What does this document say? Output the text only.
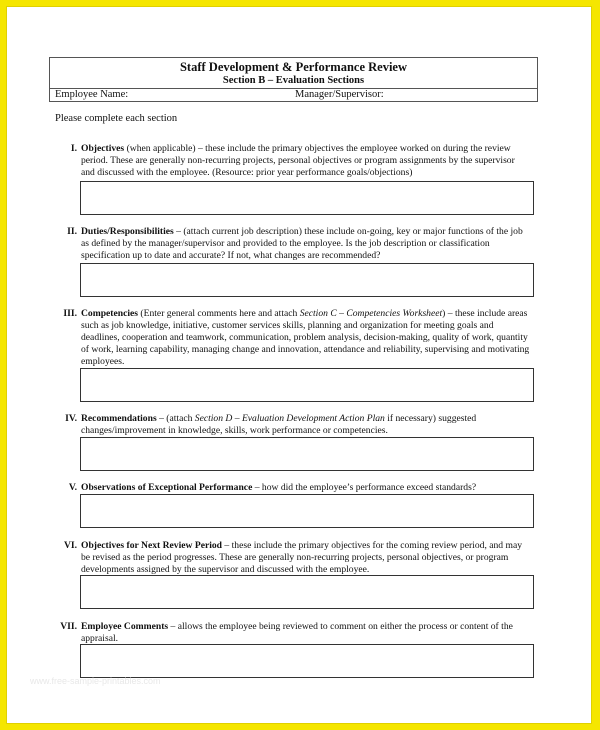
Staff Development & Performance Review
Section B – Evaluation Sections
Employee Name:	Manager/Supervisor:
Please complete each section
I. Objectives (when applicable) – these include the primary objectives the employee worked on during the review period. These are generally non-recurring projects, personal objectives or program assignments by the supervisor and discussed with the employee. (Resource: prior year performance goals/objections)
II. Duties/Responsibilities – (attach current job description) these include on-going, key or major functions of the job as defined by the manager/supervisor and provided to the employee. Is the job description or classification specification up to date and accurate? If not, what changes are recommended?
III. Competencies (Enter general comments here and attach Section C – Competencies Worksheet) – these include areas such as job knowledge, initiative, customer services skills, planning and organization for meeting goals and deadlines, cooperation and teamwork, communication, problem analysis, decision-making, quality of work, quantity of work, learning capability, managing change and innovation, attendance and reliability, supervising and motivating employees.
IV. Recommendations – (attach Section D – Evaluation Development Action Plan if necessary) suggested changes/improvement in knowledge, skills, work performance or competencies.
V. Observations of Exceptional Performance – how did the employee’s performance exceed standards?
VI. Objectives for Next Review Period – these include the primary objectives for the coming review period, and may be revised as the period progresses. These are generally non-recurring projects, personal objectives, or program developments assigned by the supervisor and discussed with the employee.
VII. Employee Comments – allows the employee being reviewed to comment on either the process or content of the appraisal.
www.free-sample-printables.com
